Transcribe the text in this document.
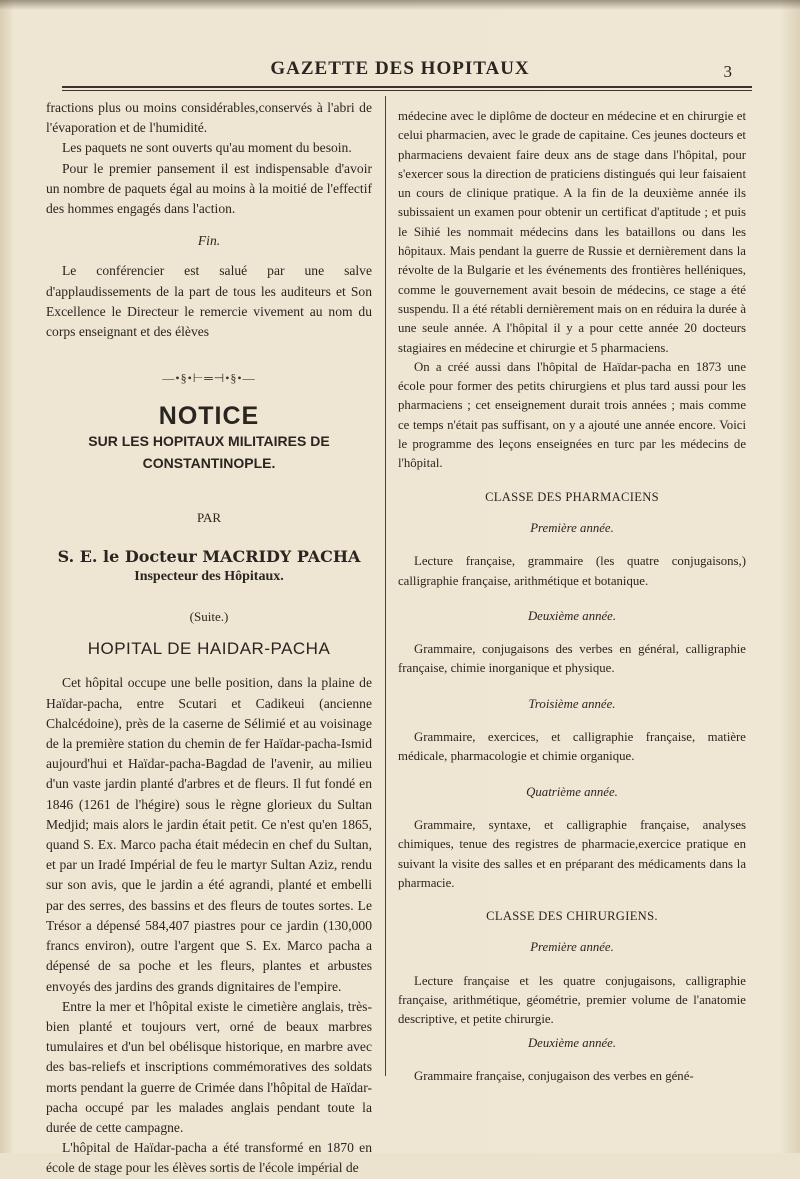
GAZETTE DES HOPITAUX	3

fractions plus ou moins considérables,conservés à l'abri de l'évaporation et de l'humidité.

Les paquets ne sont ouverts qu'au moment du besoin.

Pour le premier pansement il est indispensable d'avoir un nombre de paquets égal au moins à la moitié de l'effectif des hommes engagés dans l'action.

Fin.

Le conférencier est salué par une salve d'applaudissements de la part de tous les auditeurs et Son Excellence le Directeur le remercie vivement au nom du corps enseignant et des élèves

—•§•⊢═⊣•§•—

NOTICE

SUR LES HOPITAUX MILITAIRES DE

CONSTANTINOPLE.

PAR

S. E. le Docteur MACRIDY PACHA

Inspecteur des Hôpitaux.

(Suite.)

HOPITAL DE HAIDAR-PACHA

Cet hôpital occupe une belle position, dans la plaine de Haïdar-pacha, entre Scutari et Cadikeui (ancienne Chalcédoine), près de la caserne de Sélimié et au voisinage de la première station du chemin de fer Haïdar-pacha-Ismid aujourd'hui et Haïdar-pacha-Bagdad de l'avenir, au milieu d'un vaste jardin planté d'arbres et de fleurs. Il fut fondé en 1846 (1261 de l'hégire) sous le règne glorieux du Sultan Medjid; mais alors le jardin était petit. Ce n'est qu'en 1865, quand S. Ex. Marco pacha était médecin en chef du Sultan, et par un Iradé Impérial de feu le martyr Sultan Aziz, rendu sur son avis, que le jardin a été agrandi, planté et embelli par des serres, des bassins et des fleurs de toutes sortes. Le Trésor a dépensé 584,407 piastres pour ce jardin (130,000 francs environ), outre l'argent que S. Ex. Marco pacha a dépensé de sa poche et les fleurs, plantes et arbustes envoyés des jardins des grands dignitaires de l'empire.

Entre la mer et l'hôpital existe le cimetière anglais, très-bien planté et toujours vert, orné de beaux marbres tumulaires et d'un bel obélisque historique, en marbre avec des bas-reliefs et inscriptions commémoratives des soldats morts pendant la guerre de Crimée dans l'hôpital de Haïdar-pacha occupé par les malades anglais pendant toute la durée de cette campagne.

L'hôpital de Haïdar-pacha a été transformé en 1870 en école de stage pour les élèves sortis de l'école impérial de

médecine avec le diplôme de docteur en médecine et en chirurgie et celui pharmacien, avec le grade de capitaine. Ces jeunes docteurs et pharmaciens devaient faire deux ans de stage dans l'hôpital, pour s'exercer sous la direction de praticiens distingués qui leur faisaient un cours de clinique pratique. A la fin de la deuxième année ils subissaient un examen pour obtenir un certificat d'aptitude ; et puis le Sihié les nommait médecins dans les bataillons ou dans les hôpitaux. Mais pendant la guerre de Russie et dernièrement dans la révolte de la Bulgarie et les événements des frontières helléniques, comme le gouvernement avait besoin de médecins, ce stage a été suspendu. Il a été rétabli dernièrement mais on en réduira la durée à une seule année. A l'hôpital il y a pour cette année 20 docteurs stagiaires en médecine et chirurgie et 5 pharmaciens.

On a créé aussi dans l'hôpital de Haïdar-pacha en 1873 une école pour former des petits chirurgiens et plus tard aussi pour les pharmaciens ; cet enseignement durait trois années ; mais comme ce temps n'était pas suffisant, on y a ajouté une année encore. Voici le programme des leçons enseignées en turc par les médecins de l'hôpital.

CLASSE DES PHARMACIENS

Première année.

Lecture française, grammaire (les quatre conjugaisons,) calligraphie française, arithmétique et botanique.

Deuxième année.

Grammaire, conjugaisons des verbes en général, calligraphie française, chimie inorganique et physique.

Troisième année.

Grammaire, exercices, et calligraphie française, matière médicale, pharmacologie et chimie organique.

Quatrième année.

Grammaire, syntaxe, et calligraphie française, analyses chimiques, tenue des registres de pharmacie,exercice pratique en suivant la visite des salles et en préparant des médicaments dans la pharmacie.

CLASSE DES CHIRURGIENS.

Première année.

Lecture française et les quatre conjugaisons, calligraphie française, arithmétique, géométrie, premier volume de l'anatomie descriptive, et petite chirurgie.

Deuxième année.

Grammaire française, conjugaison des verbes en géné-
